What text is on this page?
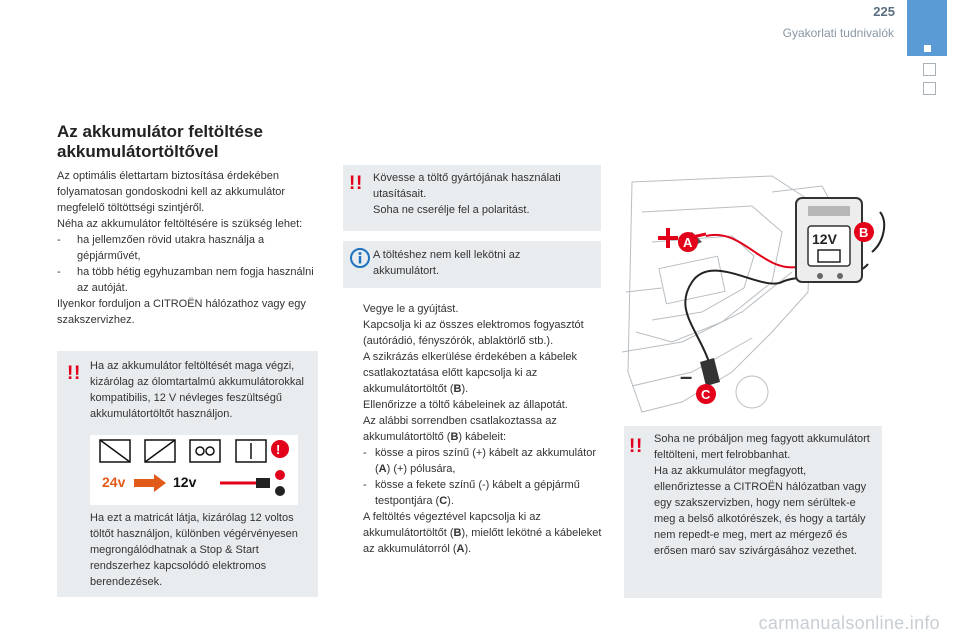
225
Gyakorlati tudnivalók
Az akkumulátor feltöltése
akkumulátortöltővel

Az optimális élettartam biztosítása érdekében folyamatosan gondoskodni kell az akkumulátor megfelelő töltöttségi szintjéről.

Néha az akkumulátor feltöltésére is szükség lehet:

-	ha jellemzően rövid utakra használja a gépjárművét,
-	ha több hétig egyhuzamban nem fogja használni az autóját.

Ilyenkor forduljon a CITROËN hálózathoz vagy egy szakszervizhez.

! ! Ha az akkumulátor feltöltését maga végzi, kizárólag az ólomtartalmú akkumulátorokkal kompatibilis, 12 V névleges feszültségű akkumulátortöltőt használjon.
!
24v	12v
Ha ezt a matricát látja, kizárólag 12 voltos töltőt használjon, különben végérvényesen megrongálódhatnak a Stop & Start rendszerhez kapcsolódó elektromos berendezések.
! ! Kövesse a töltő gyártójának használati utasításait.
Soha ne cserélje fel a polaritást.
A töltéshez nem kell lekötni az akkumulátort.
Vegye le a gyújtást.
Kapcsolja ki az összes elektromos fogyasztót (autórádió, fényszórók, ablaktörlő stb.).
A szikrázás elkerülése érdekében a kábelek csatlakoztatása előtt kapcsolja ki az akkumulátortöltőt (B).
Ellenőrizze a töltő kábeleinek az állapotát.
Az alábbi sorrendben csatlakoztassa az akkumulátortöltő (B) kábeleit:
- kösse a piros színű (+) kábelt az akkumulátor (A) (+) pólusára,
- kösse a fekete színű (-) kábelt a gépjármű testpontjára (C).
A feltöltés végeztével kapcsolja ki az akkumulátortöltőt (B), mielőtt lekötné a kábeleket az akkumulátorról (A).
+
–
12V
A
B
C
! ! Soha ne próbáljon meg fagyott akkumulátort feltölteni, mert felrobbanhat.
Ha az akkumulátor megfagyott, ellenőriztesse a CITROËN hálózatban vagy egy szakszervizben, hogy nem sérültek-e meg a belső alkotórészek, és hogy a tartály nem repedt-e meg, mert az mérgező és erősen maró sav szivárgásához vezethet.
carmanualsonline.info
